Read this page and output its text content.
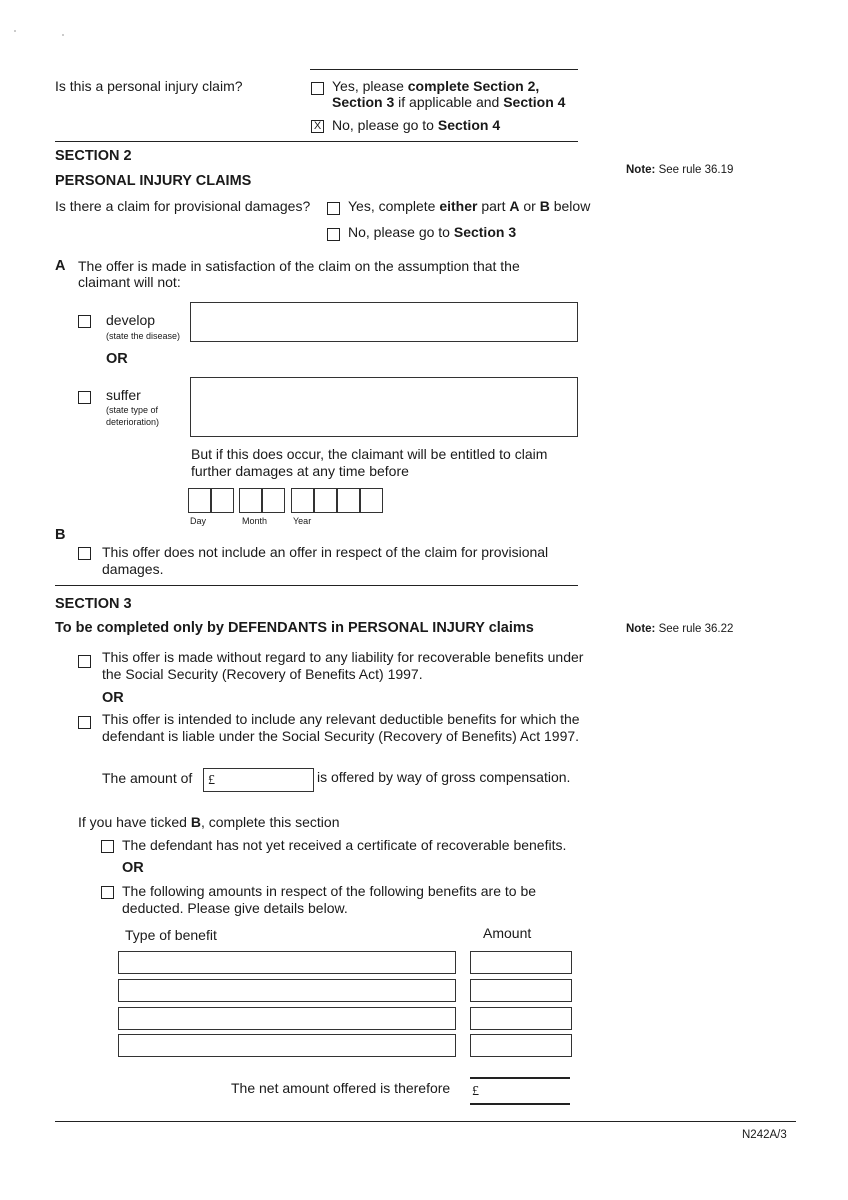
Is this a personal injury claim?	Yes, please complete Section 2,
Section 3 if applicable and Section 4
X No, please go to Section 4
SECTION 2
PERSONAL INJURY CLAIMS
Note: See rule 36.19
Is there a claim for provisional damages?	Yes, complete either part A or B below
No, please go to Section 3
A The offer is made in satisfaction of the claim on the assumption that the
claimant will not:
develop
(state the disease)
OR
suffer
(state type of
deterioration)
But if this does occur, the claimant will be entitled to claim
further damages at any time before
Day	Month	Year
B
This offer does not include an offer in respect of the claim for provisional
damages.
SECTION 3
To be completed only by DEFENDANTS in PERSONAL INJURY claims	Note: See rule 36.22
This offer is made without regard to any liability for recoverable benefits under
the Social Security (Recovery of Benefits Act) 1997.
OR
This offer is intended to include any relevant deductible benefits for which the
defendant is liable under the Social Security (Recovery of Benefits) Act 1997.
The amount of £	is offered by way of gross compensation.
If you have ticked B, complete this section
The defendant has not yet received a certificate of recoverable benefits.
OR
The following amounts in respect of the following benefits are to be
deducted. Please give details below.
Type of benefit	Amount
The net amount offered is therefore £
N242A/3
